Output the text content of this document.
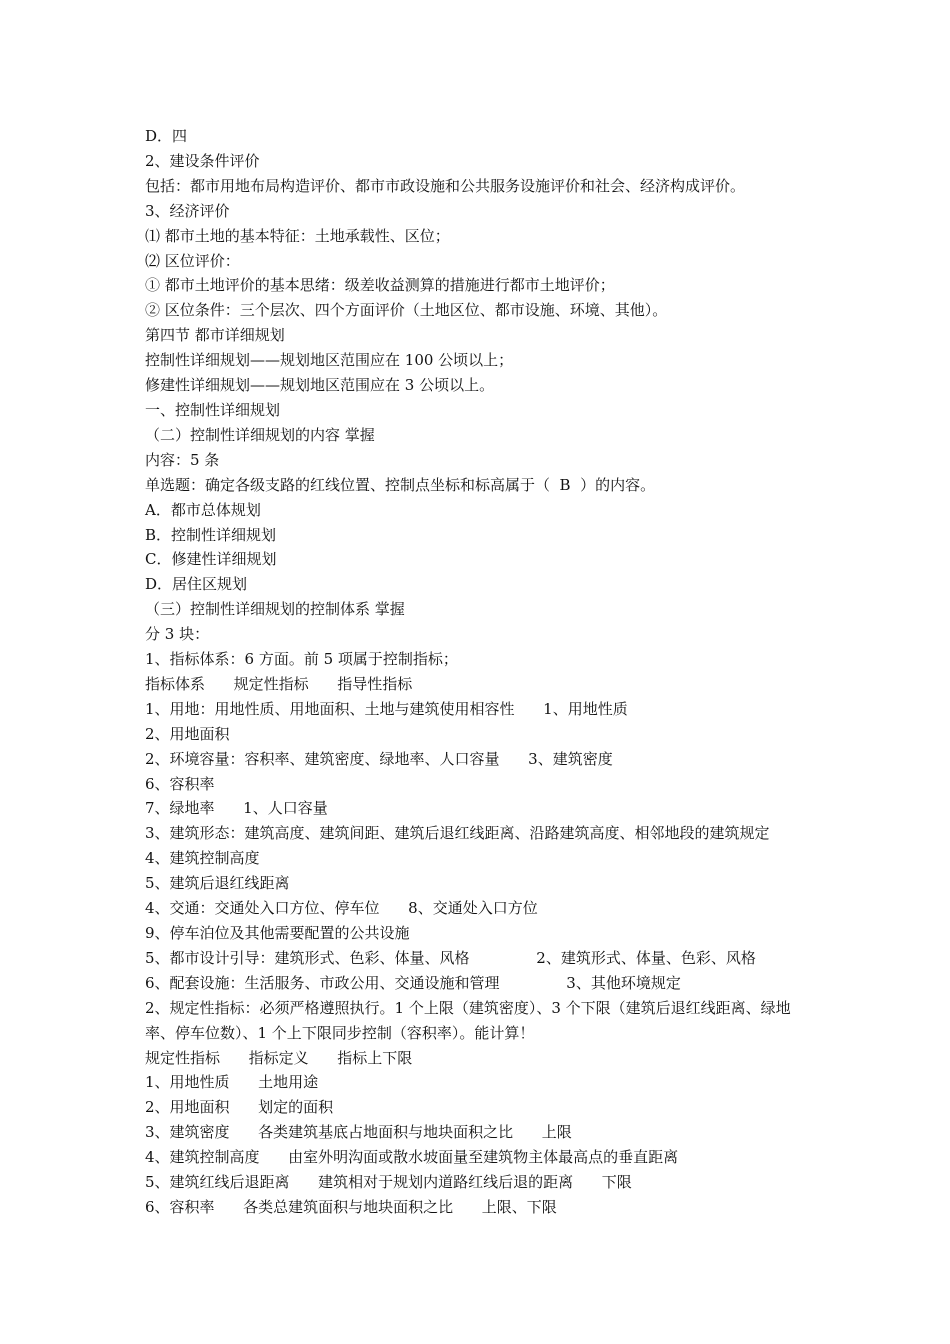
D．四

2、建设条件评价

包括：都市用地布局构造评价、都市市政设施和公共服务设施评价和社会、经济构成评价。

3、经济评价

⑴ 都市土地的基本特征：土地承载性、区位；

⑵ 区位评价：

① 都市土地评价的基本思绪：级差收益测算的措施进行都市土地评价；

② 区位条件：三个层次、四个方面评价（土地区位、都市设施、环境、其他）。

第四节 都市详细规划

控制性详细规划——规划地区范围应在 100 公顷以上；

修建性详细规划——规划地区范围应在 3 公顷以上。

一、控制性详细规划

（二）控制性详细规划的内容 掌握

内容：5 条

单选题：确定各级支路的红线位置、控制点坐标和标高属于（  B  ）的内容。

A．都市总体规划

B．控制性详细规划

C．修建性详细规划

D．居住区规划

（三）控制性详细规划的控制体系 掌握

分 3 块：

1、指标体系：6 方面。前 5 项属于控制指标；

指标体系      规定性指标      指导性指标

1、用地：用地性质、用地面积、土地与建筑使用相容性      1、用地性质

2、用地面积

2、环境容量：容积率、建筑密度、绿地率、人口容量      3、建筑密度

6、容积率

7、绿地率      1、人口容量

3、建筑形态：建筑高度、建筑间距、建筑后退红线距离、沿路建筑高度、相邻地段的建筑规定      4、建筑控制高度

5、建筑后退红线距离

4、交通：交通处入口方位、停车位      8、交通处入口方位

9、停车泊位及其他需要配置的公共设施

5、都市设计引导：建筑形式、色彩、体量、风格              2、建筑形式、体量、色彩、风格

6、配套设施：生活服务、市政公用、交通设施和管理              3、其他环境规定

2、规定性指标：必须严格遵照执行。1 个上限（建筑密度）、3 个下限（建筑后退红线距离、绿地率、停车位数）、1 个上下限同步控制（容积率）。能计算！

规定性指标      指标定义      指标上下限

1、用地性质      土地用途

2、用地面积      划定的面积

3、建筑密度      各类建筑基底占地面积与地块面积之比      上限

4、建筑控制高度      由室外明沟面或散水坡面量至建筑物主体最高点的垂直距离

5、建筑红线后退距离      建筑相对于规划内道路红线后退的距离      下限

6、容积率      各类总建筑面积与地块面积之比      上限、下限
